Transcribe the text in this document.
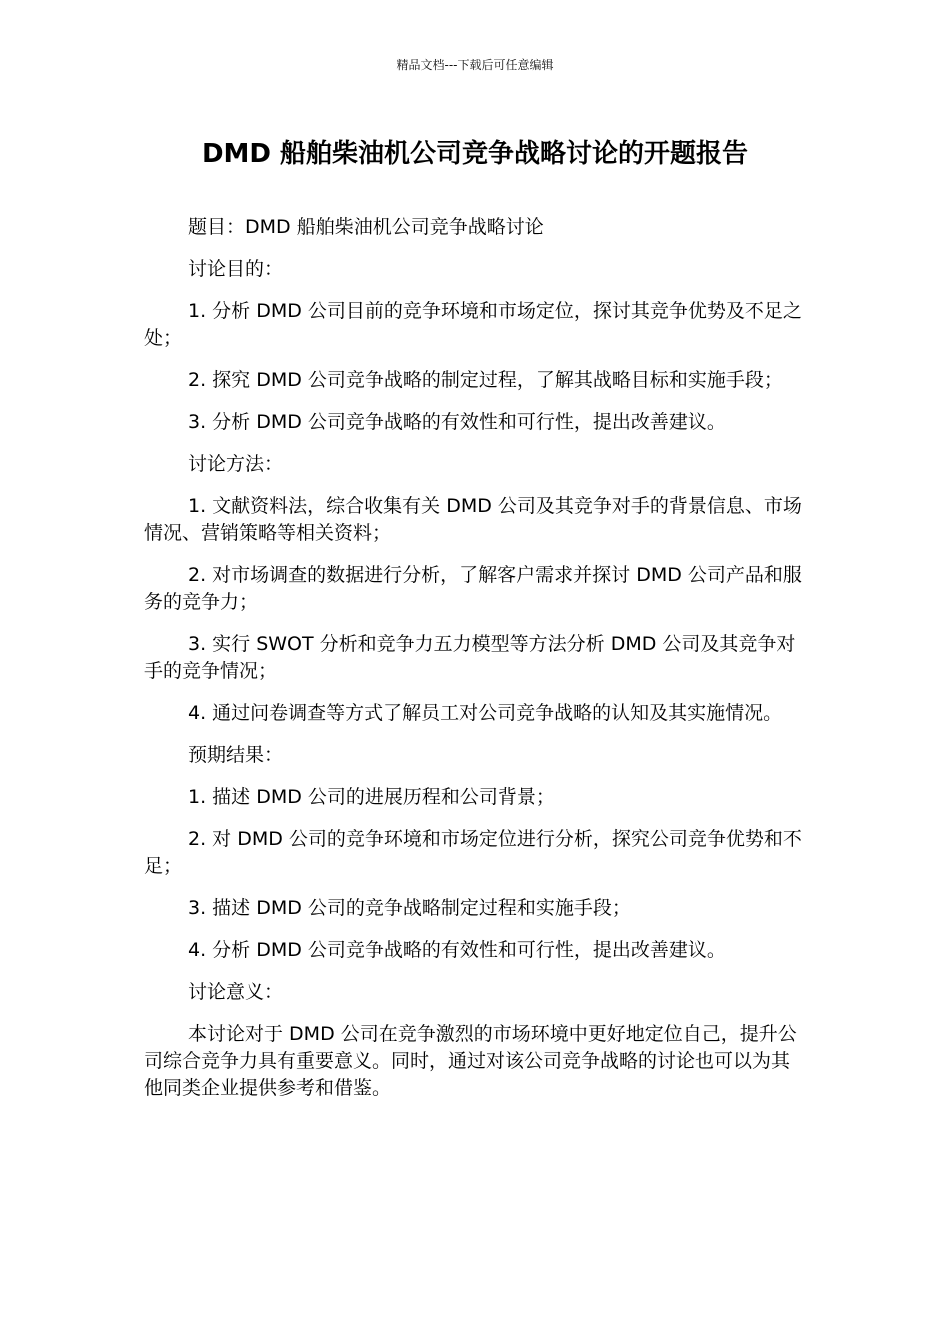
精品文档---下载后可任意编辑
DMD 船舶柴油机公司竞争战略讨论的开题报告

题目：DMD 船舶柴油机公司竞争战略讨论

讨论目的：

1. 分析 DMD 公司目前的竞争环境和市场定位，探讨其竞争优势及不足之处；

2. 探究 DMD 公司竞争战略的制定过程，了解其战略目标和实施手段；

3. 分析 DMD 公司竞争战略的有效性和可行性，提出改善建议。

讨论方法：

1. 文献资料法，综合收集有关 DMD 公司及其竞争对手的背景信息、市场情况、营销策略等相关资料；

2. 对市场调查的数据进行分析，了解客户需求并探讨 DMD 公司产品和服务的竞争力；

3. 实行 SWOT 分析和竞争力五力模型等方法分析 DMD 公司及其竞争对手的竞争情况；

4. 通过问卷调查等方式了解员工对公司竞争战略的认知及其实施情况。

预期结果：

1. 描述 DMD 公司的进展历程和公司背景；

2. 对 DMD 公司的竞争环境和市场定位进行分析，探究公司竞争优势和不足；

3. 描述 DMD 公司的竞争战略制定过程和实施手段；

4. 分析 DMD 公司竞争战略的有效性和可行性，提出改善建议。

讨论意义：

本讨论对于 DMD 公司在竞争激烈的市场环境中更好地定位自己，提升公司综合竞争力具有重要意义。同时，通过对该公司竞争战略的讨论也可以为其他同类企业提供参考和借鉴。
